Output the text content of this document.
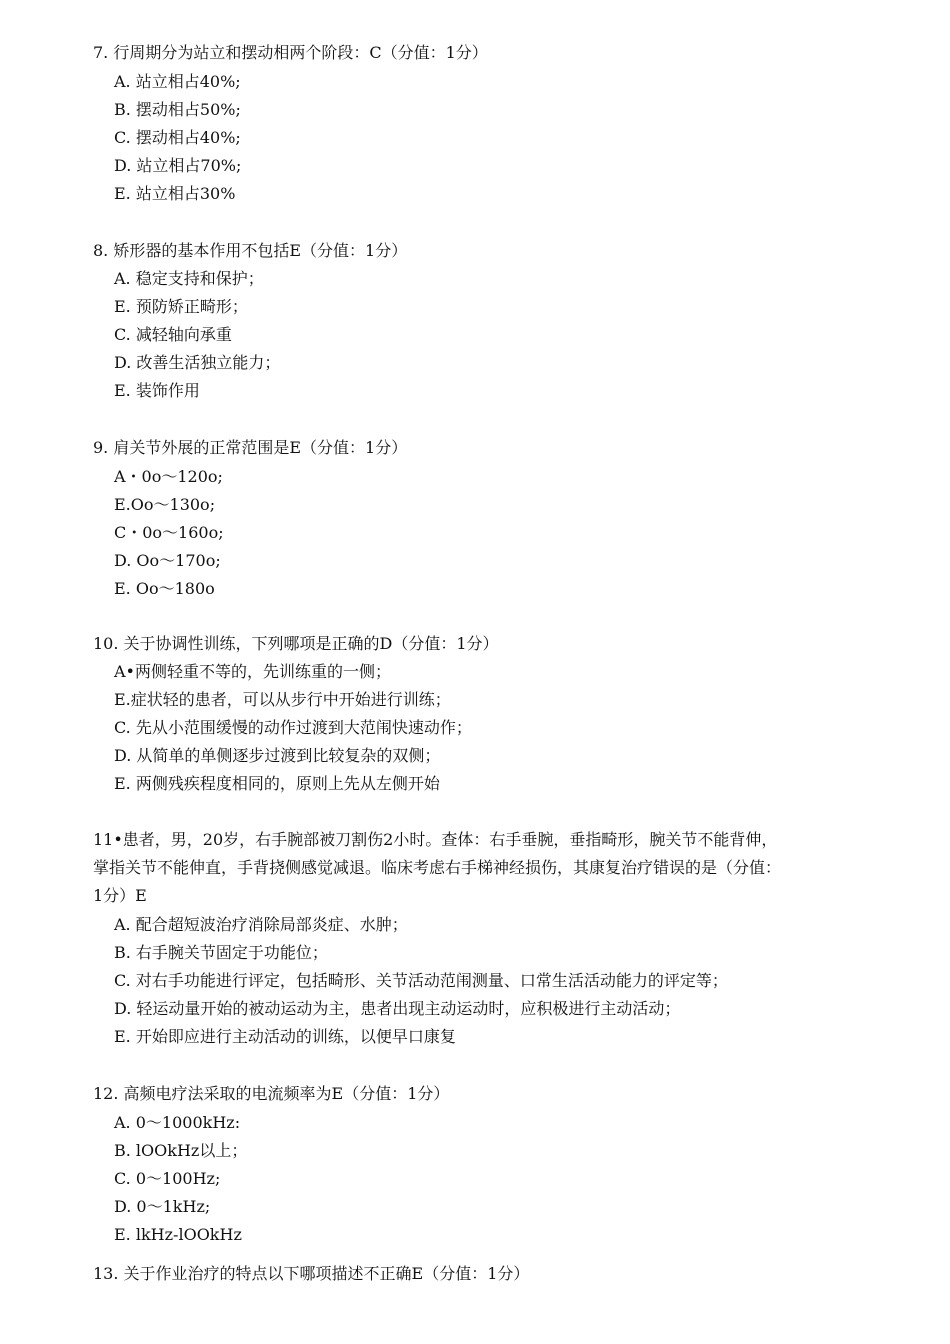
7. 行周期分为站立和摆动相两个阶段：C（分值：1分）
A. 站立相占40%;
B. 摆动相占50%;
C. 摆动相占40%;
D. 站立相占70%;
E. 站立相占30%
8. 矫形器的基本作用不包括E（分值：1分）
A. 稳定支持和保护；
E. 预防矫正畸形；
C. 减轻轴向承重
D. 改善生活独立能力；
E. 装饰作用
9. 肩关节外展的正常范围是E（分值：1分）
A・0o〜120o;
E.Oo〜130o;
C・0o〜160o;
D. Oo〜170o;
E. Oo〜180o
10. 关于协调性训练，下列哪项是正确的D（分值：1分）
A•两侧轻重不等的，先训练重的一侧；
E.症状轻的患者，可以从步行中开始进行训练；
C. 先从小范围缓慢的动作过渡到大范闱快速动作；
D. 从简单的单侧逐步过渡到比较复杂的双侧；
E. 两侧残疾程度相同的，原则上先从左侧开始
11•患者，男，20岁，右手腕部被刀割伤2小时。查体：右手垂腕，垂指畸形，腕关节不能背伸，
掌指关节不能伸直，手背挠侧感觉减退。临床考虑右手梯神经损伤，其康复治疗错误的是（分值：
1分）E
A. 配合超短波治疗消除局部炎症、水肿；
B. 右手腕关节固定于功能位；
C. 对右手功能进行评定，包括畸形、关节活动范闱测量、口常生活活动能力的评定等；
D. 轻运动量开始的被动运动为主，患者出现主动运动时，应积极进行主动活动；
E. 开始即应进行主动活动的训练，以便早口康复
12. 高频电疗法采取的电流频率为E（分值：1分）
A. 0〜1000kHz:
B. lOOkHz以上；
C. 0〜100Hz;
D. 0〜1kHz;
E. lkHz-lOOkHz
13. 关于作业治疗的特点以下哪项描述不正确E（分值：1分）
